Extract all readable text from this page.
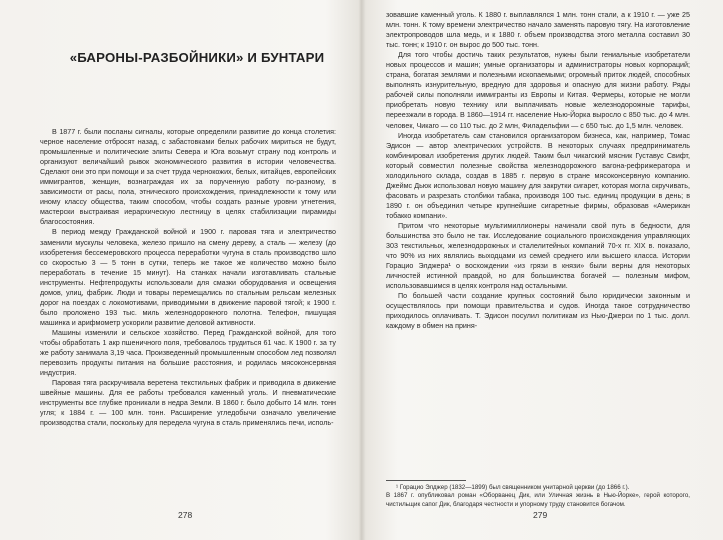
«БАРОНЫ-РАЗБОЙНИКИ» И БУНТАРИ

В 1877 г. были посланы сигналы, которые определили развитие до конца столетия: черное население отбросят назад, с забастовками белых рабочих мириться не будут, промышленные и политические элиты Севера и Юга возьмут страну под контроль и организуют величайший рывок экономического развития в истории человечества. Сделают они это при помощи и за счет труда чернокожих, белых, китайцев, европейских иммигрантов, женщин, вознаграждая их за порученную работу по-разному, в зависимости от расы, пола, этнического происхождения, принадлежности к тому или иному классу общества, таким способом, чтобы создать разные уровни угнетения, мастерски выстраивая иерархическую лестницу в целях стабилизации пирамиды благосостояния.

В период между Гражданской войной и 1900 г. паровая тяга и электричество заменили мускулы человека, железо пришло на смену дереву, а сталь — железу (до изобретения бессемеровского процесса переработки чугуна в сталь производство шло со скоростью 3 — 5 тонн в сутки, теперь же такое же количество можно было переработать в течение 15 минут). На станках начали изготавливать стальные инструменты. Нефтепродукты использовали для смазки оборудования и освещения домов, улиц, фабрик. Люди и товары перемещались по стальным рельсам железных дорог на поездах с локомотивами, приводимыми в движение паровой тягой; к 1900 г. было проложено 193 тыс. миль железнодорожного полотна. Телефон, пишущая машинка и арифмометр ускорили развитие деловой активности.

Машины изменили и сельское хозяйство. Перед Гражданской войной, для того чтобы обработать 1 акр пшеничного поля, требовалось трудиться 61 час. К 1900 г. за ту же работу занимала 3,19 часа. Произведенный промышленным способом лед позволял перевозить продукты питания на большие расстояния, и родилась мясоконсервная индустрия.

Паровая тяга раскручивала веретена текстильных фабрик и приводила в движение швейные машины. Для ее работы требовался каменный уголь. И пневматические инструменты все глубже проникали в недра Земли. В 1860 г. было добыто 14 млн. тонн угля; к 1884 г. — 100 млн. тонн. Расширение угледобычи означало увеличение производства стали, поскольку для передела чугуна в сталь применялись печи, исполь-

278

зовавшие каменный уголь. К 1880 г. выплавлялся 1 млн. тонн стали, а к 1910 г. — уже 25 млн. тонн. К тому времени электричество начало заменять паровую тягу. На изготовление электропроводов шла медь, и к 1880 г. объем производства этого металла составил 30 тыс. тонн; к 1910 г. он вырос до 500 тыс. тонн.

Для того чтобы достичь таких результатов, нужны были гениальные изобретатели новых процессов и машин; умные организаторы и администраторы новых корпораций; страна, богатая землями и полезными ископаемыми; огромный приток людей, способных выполнять изнурительную, вредную для здоровья и опасную для жизни работу. Ряды рабочей силы пополняли иммигранты из Европы и Китая. Фермеры, которые не могли приобретать новую технику или выплачивать новые железнодорожные тарифы, переезжали в города. В 1860—1914 гг. население Нью-Йорка выросло с 850 тыс. до 4 млн. человек, Чикаго — со 110 тыс. до 2 млн, Филадельфии — с 650 тыс. до 1,5 млн. человек.

Иногда изобретатель сам становился организатором бизнеса, как, например, Томас Эдисон — автор электрических устройств. В некоторых случаях предприниматель комбинировал изобретения других людей. Таким был чикагский мясник Густавус Свифт, который совместил полезные свойства железнодорожного вагона-рефрижератора и холодильного склада, создав в 1885 г. первую в стране мясоконсервную компанию. Джеймс Дьюк использовал новую машину для закрутки сигарет, которая могла скручивать, фасовать и разрезать столбики табака, производя 100 тыс. единиц продукции в день; в 1890 г. он объединил четыре крупнейшие сигаретные фирмы, образовав «Американ тобакко компани».

Притом что некоторые мультимиллионеры начинали свой путь в бедности, для большинства это было не так. Исследование социального происхождения управляющих 303 текстильных, железнодорожных и сталелитейных компаний 70-х гг. XIX в. показало, что 90% из них являлись выходцами из семей среднего или высшего класса. Истории Горацио Элджера¹ о восхождении «из грязи в князи» были верны для некоторых личностей истинной правдой, но для большинства богачей — полезным мифом, использовавшимся в целях контроля над остальными.

По большей части создание крупных состояний было юридически законным и осуществлялось при помощи правительства и судов. Иногда такое сотрудничество приходилось оплачивать. Т. Эдисон посулил политикам из Нью-Джерси по 1 тыс. долл. каждому в обмен на приня-

¹ Горацио Элджер (1832—1899) был священником унитарной церкви (до 1866 г.).

В 1867 г. опубликовал роман «Оборванец Дик, или Уличная жизнь в Нью-Йорке», герой которого, чистильщик сапог Дик, благодаря честности и упорному труду становится богачом.

279
